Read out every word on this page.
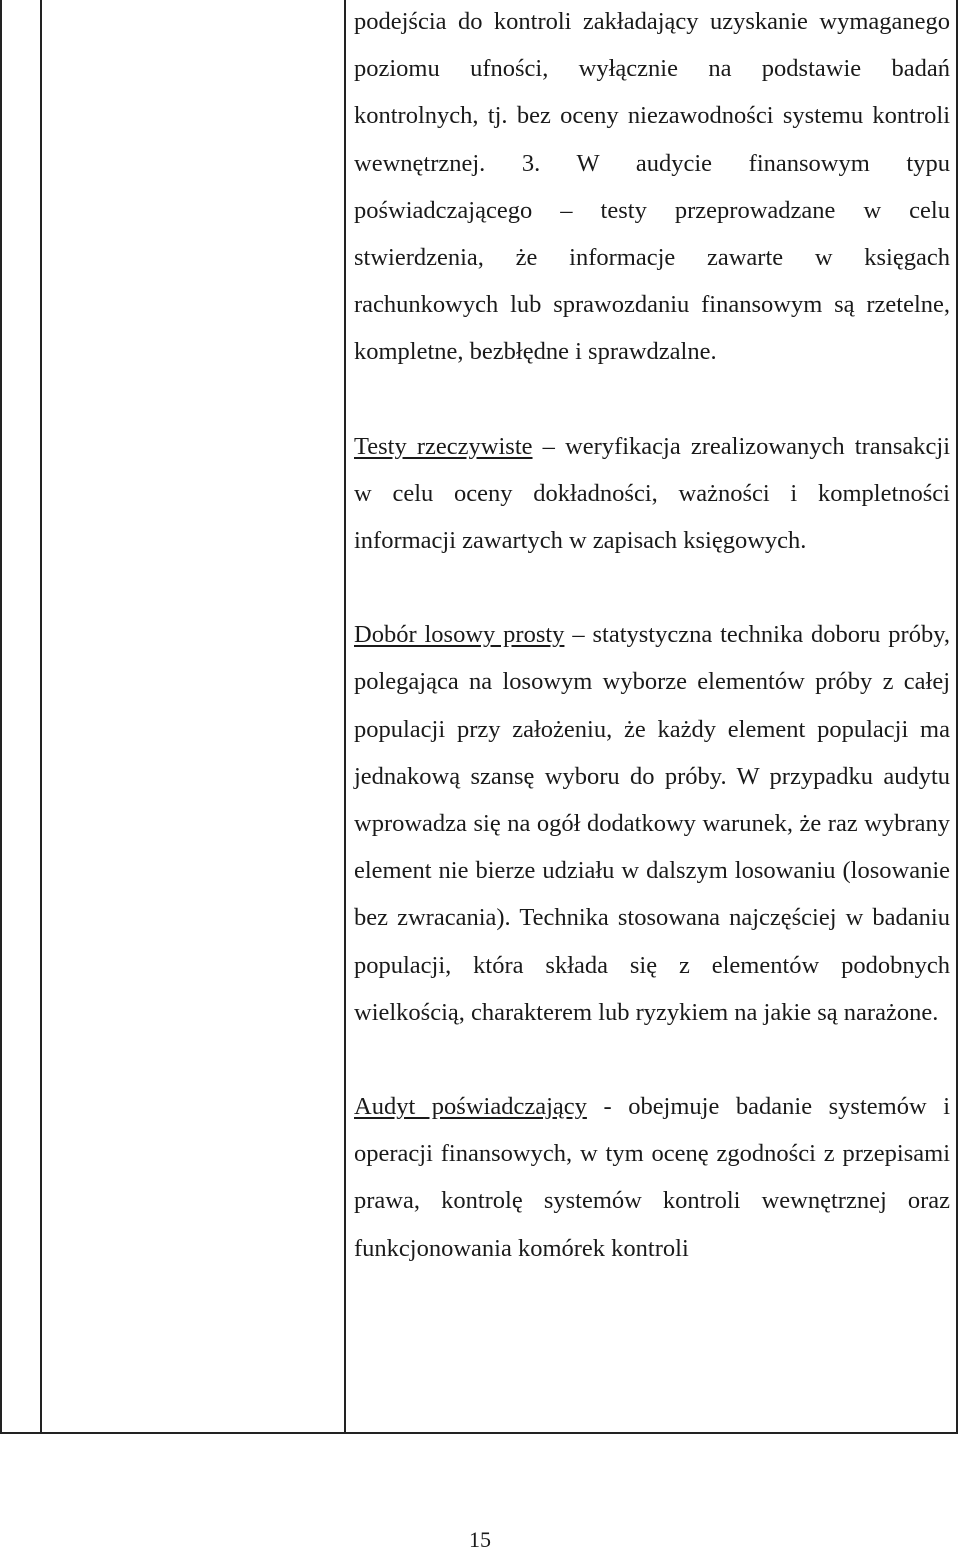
podejścia do kontroli zakładający uzyskanie wymaganego poziomu ufności, wyłącznie na podstawie badań kontrolnych, tj. bez oceny niezawodności systemu kontroli wewnętrznej. 3. W audycie finansowym typu poświadczającego – testy przeprowadzane w celu stwierdzenia, że informacje zawarte w księgach rachunkowych lub sprawozdaniu finansowym są rzetelne, kompletne, bezbłędne i sprawdzalne.

Testy rzeczywiste – weryfikacja zrealizowanych transakcji w celu oceny dokładności, ważności i kompletności informacji zawartych w zapisach księgowych.

Dobór losowy prosty – statystyczna technika doboru próby, polegająca na losowym wyborze elementów próby z całej populacji przy założeniu, że każdy element populacji ma jednakową szansę wyboru do próby. W przypadku audytu wprowadza się na ogół dodatkowy warunek, że raz wybrany element nie bierze udziału w dalszym losowaniu (losowanie bez zwracania). Technika stosowana najczęściej w badaniu populacji, która składa się z elementów podobnych wielkością, charakterem lub ryzykiem na jakie są narażone.

Audyt poświadczający - obejmuje badanie systemów i operacji finansowych, w tym ocenę zgodności z przepisami prawa, kontrolę systemów kontroli wewnętrznej oraz funkcjonowania komórek kontroli

15
